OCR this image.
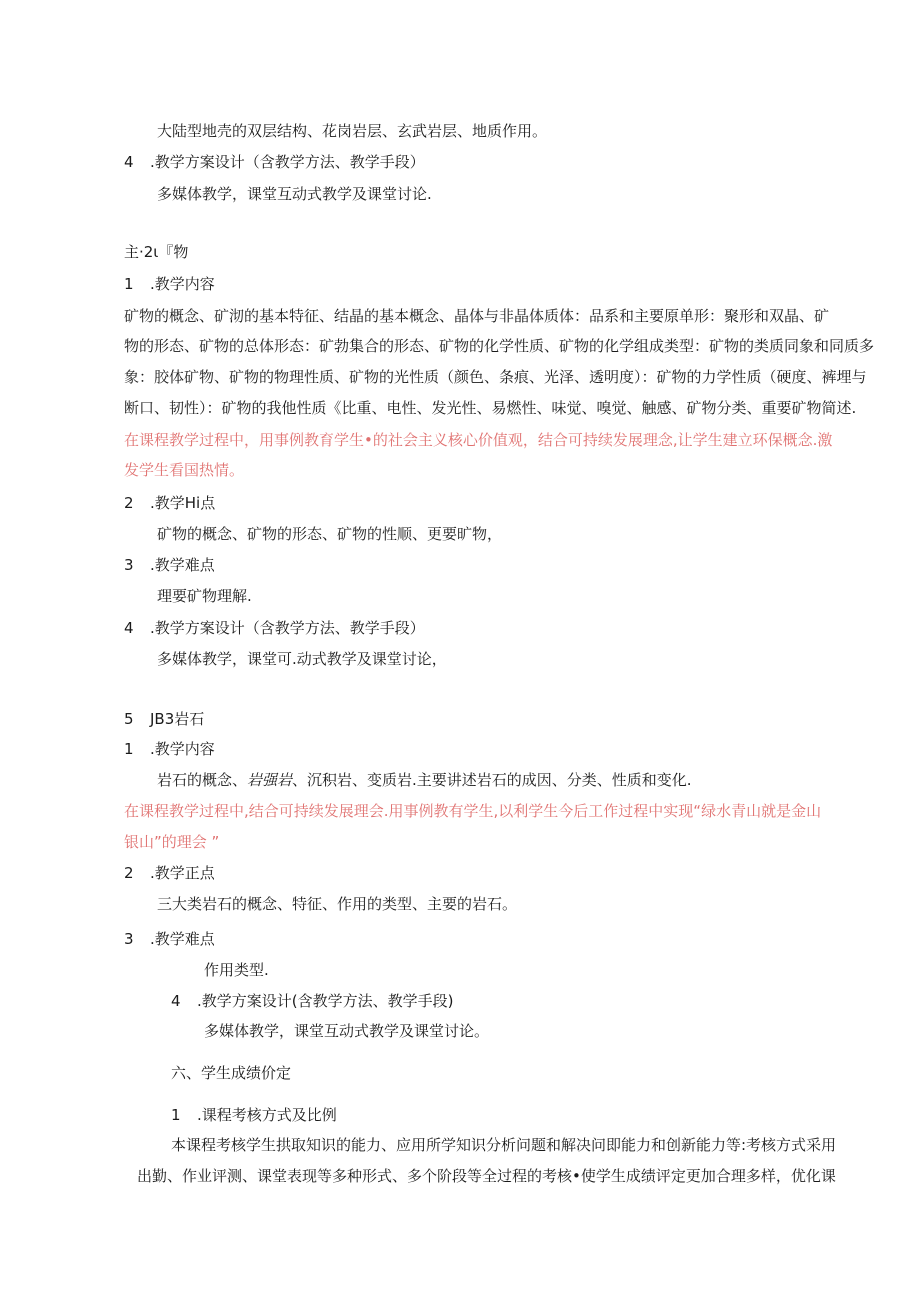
大陆型地壳的双层结构、花岗岩层、玄武岩层、地质作用。
4 .教学方案设计（含教学方法、教学手段）
多媒体教学，课堂互动式教学及课堂讨论.
主·2ι『物
1 .教学内容
矿物的概念、矿沏的基本特征、结晶的基本概念、晶体与非晶体质体：品系和主要原单形：聚形和双晶、矿
物的形态、矿物的总体形态：矿勃集合的形态、矿物的化学性质、矿物的化学组成类型：矿物的类质同象和同质多
象：胶体矿物、矿物的物理性质、矿物的光性质（颜色、条痕、光泽、透明度）：矿物的力学性质（硬度、裤埋与
断口、韧性）：矿物的我他性质《比重、电性、发光性、易燃性、味觉、嗅觉、触感、矿物分类、重要矿物简述.
在课程教学过程中，用事例教育学生•的社会主义核心价值观，结合可持续发展理念,让学生建立环保概念.激
发学生看国热情。
2 .教学Hi点
矿物的概念、矿物的形态、矿物的性顺、更要旷物，
3 .教学难点
理要矿物理解.
4 .教学方案设计（含教学方法、教学手段）
多媒体教学，课堂可.动式教学及课堂讨论，
5 JB3岩石
1 .教学内容
岩石的概念、岩强岩、沉积岩、变质岩.主要讲述岩石的成因、分类、性质和变化.
在课程教学过程中,结合可持续发展理会.用事例教有学生,以利学生今后工作过程中实现“绿水青山就是金山
银山”的理会 ”
2 .教学正点
三大类岩石的概念、特征、作用的类型、主要的岩石。
3 .教学难点
作用类型.
4 .教学方案设计(含教学方法、教学手段)
多媒体教学，课堂互动式教学及课堂讨论。
六、学生成绩价定
1 .课程考核方式及比例
本课程考核学生拱取知识的能力、应用所学知识分析问题和解决问即能力和创新能力等:考核方式采用
出勤、作业评测、课堂表现等多种形式、多个阶段等全过程的考核•使学生成绩评定更加合理多样，优化课
